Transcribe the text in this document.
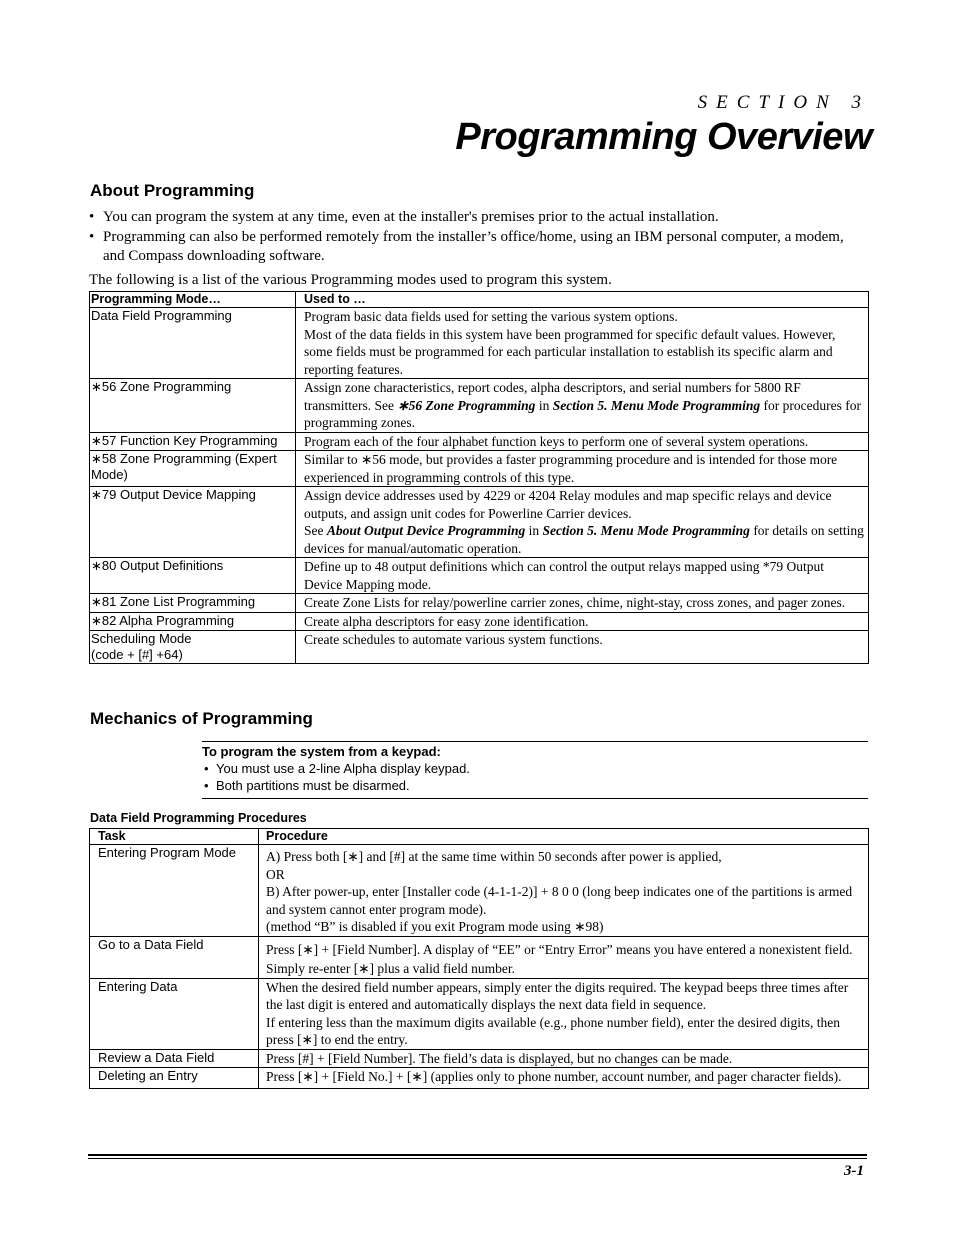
SECTION 3
Programming Overview
About Programming
• You can program the system at any time, even at the installer's premises prior to the actual installation.
• Programming can also be performed remotely from the installer’s office/home, using an IBM personal computer, a modem, and Compass downloading software.

The following is a list of the various Programming modes used to program this system.

Programming Mode…	Used to …
Data Field Programming	Program basic data fields used for setting the various system options.
Most of the data fields in this system have been programmed for specific default values. However, some fields must be programmed for each particular installation to establish its specific alarm and reporting features.

∗56 Zone Programming	Assign zone characteristics, report codes, alpha descriptors, and serial numbers for 5800 RF transmitters. See ∗56 Zone Programming in Section 5. Menu Mode Programming for procedures for programming zones.
∗57 Function Key Programming	Program each of the four alphabet function keys to perform one of several system operations.
∗58 Zone Programming (Expert Mode)	Similar to ∗56 mode, but provides a faster programming procedure and is intended for those more experienced in programming controls of this type.
∗79 Output Device Mapping	Assign device addresses used by 4229 or 4204 Relay modules and map specific relays and device outputs, and assign unit codes for Powerline Carrier devices.
See About Output Device Programming in Section 5. Menu Mode Programming for details on setting devices for manual/automatic operation.

∗80 Output Definitions	Define up to 48 output definitions which can control the output relays mapped using *79 Output Device Mapping mode.
∗81 Zone List Programming	Create Zone Lists for relay/powerline carrier zones, chime, night-stay, cross zones, and pager zones.
∗82 Alpha Programming	Create alpha descriptors for easy zone identification.

Scheduling Mode
(code + [#] +64)	Create schedules to automate various system functions.
Mechanics of Programming

To program the system from a keypad:

• You must use a 2-line Alpha display keypad.
• Both partitions must be disarmed.

Data Field Programming Procedures

Task	Procedure
Entering Program Mode	A) Press both [∗] and [#] at the same time within 50 seconds after power is applied,
OR
B) After power-up, enter [Installer code (4-1-1-2)] + 8 0 0 (long beep indicates one of the partitions is armed and system cannot enter program mode).
(method “B” is disabled if you exit Program mode using ∗98)

Go to a Data Field	Press [∗] + [Field Number]. A display of “EE” or “Entry Error” means you have entered a nonexistent field. Simply re-enter [∗] plus a valid field number.

Entering Data	When the desired field number appears, simply enter the digits required. The keypad beeps three times after the last digit is entered and automatically displays the next data field in sequence.
If entering less than the maximum digits available (e.g., phone number field), enter the desired digits, then press [∗] to end the entry.

Review a Data Field	Press [#] + [Field Number]. The field’s data is displayed, but no changes can be made.

Deleting an Entry	Press [∗] + [Field No.] + [∗] (applies only to phone number, account number, and pager character fields).
3-1
